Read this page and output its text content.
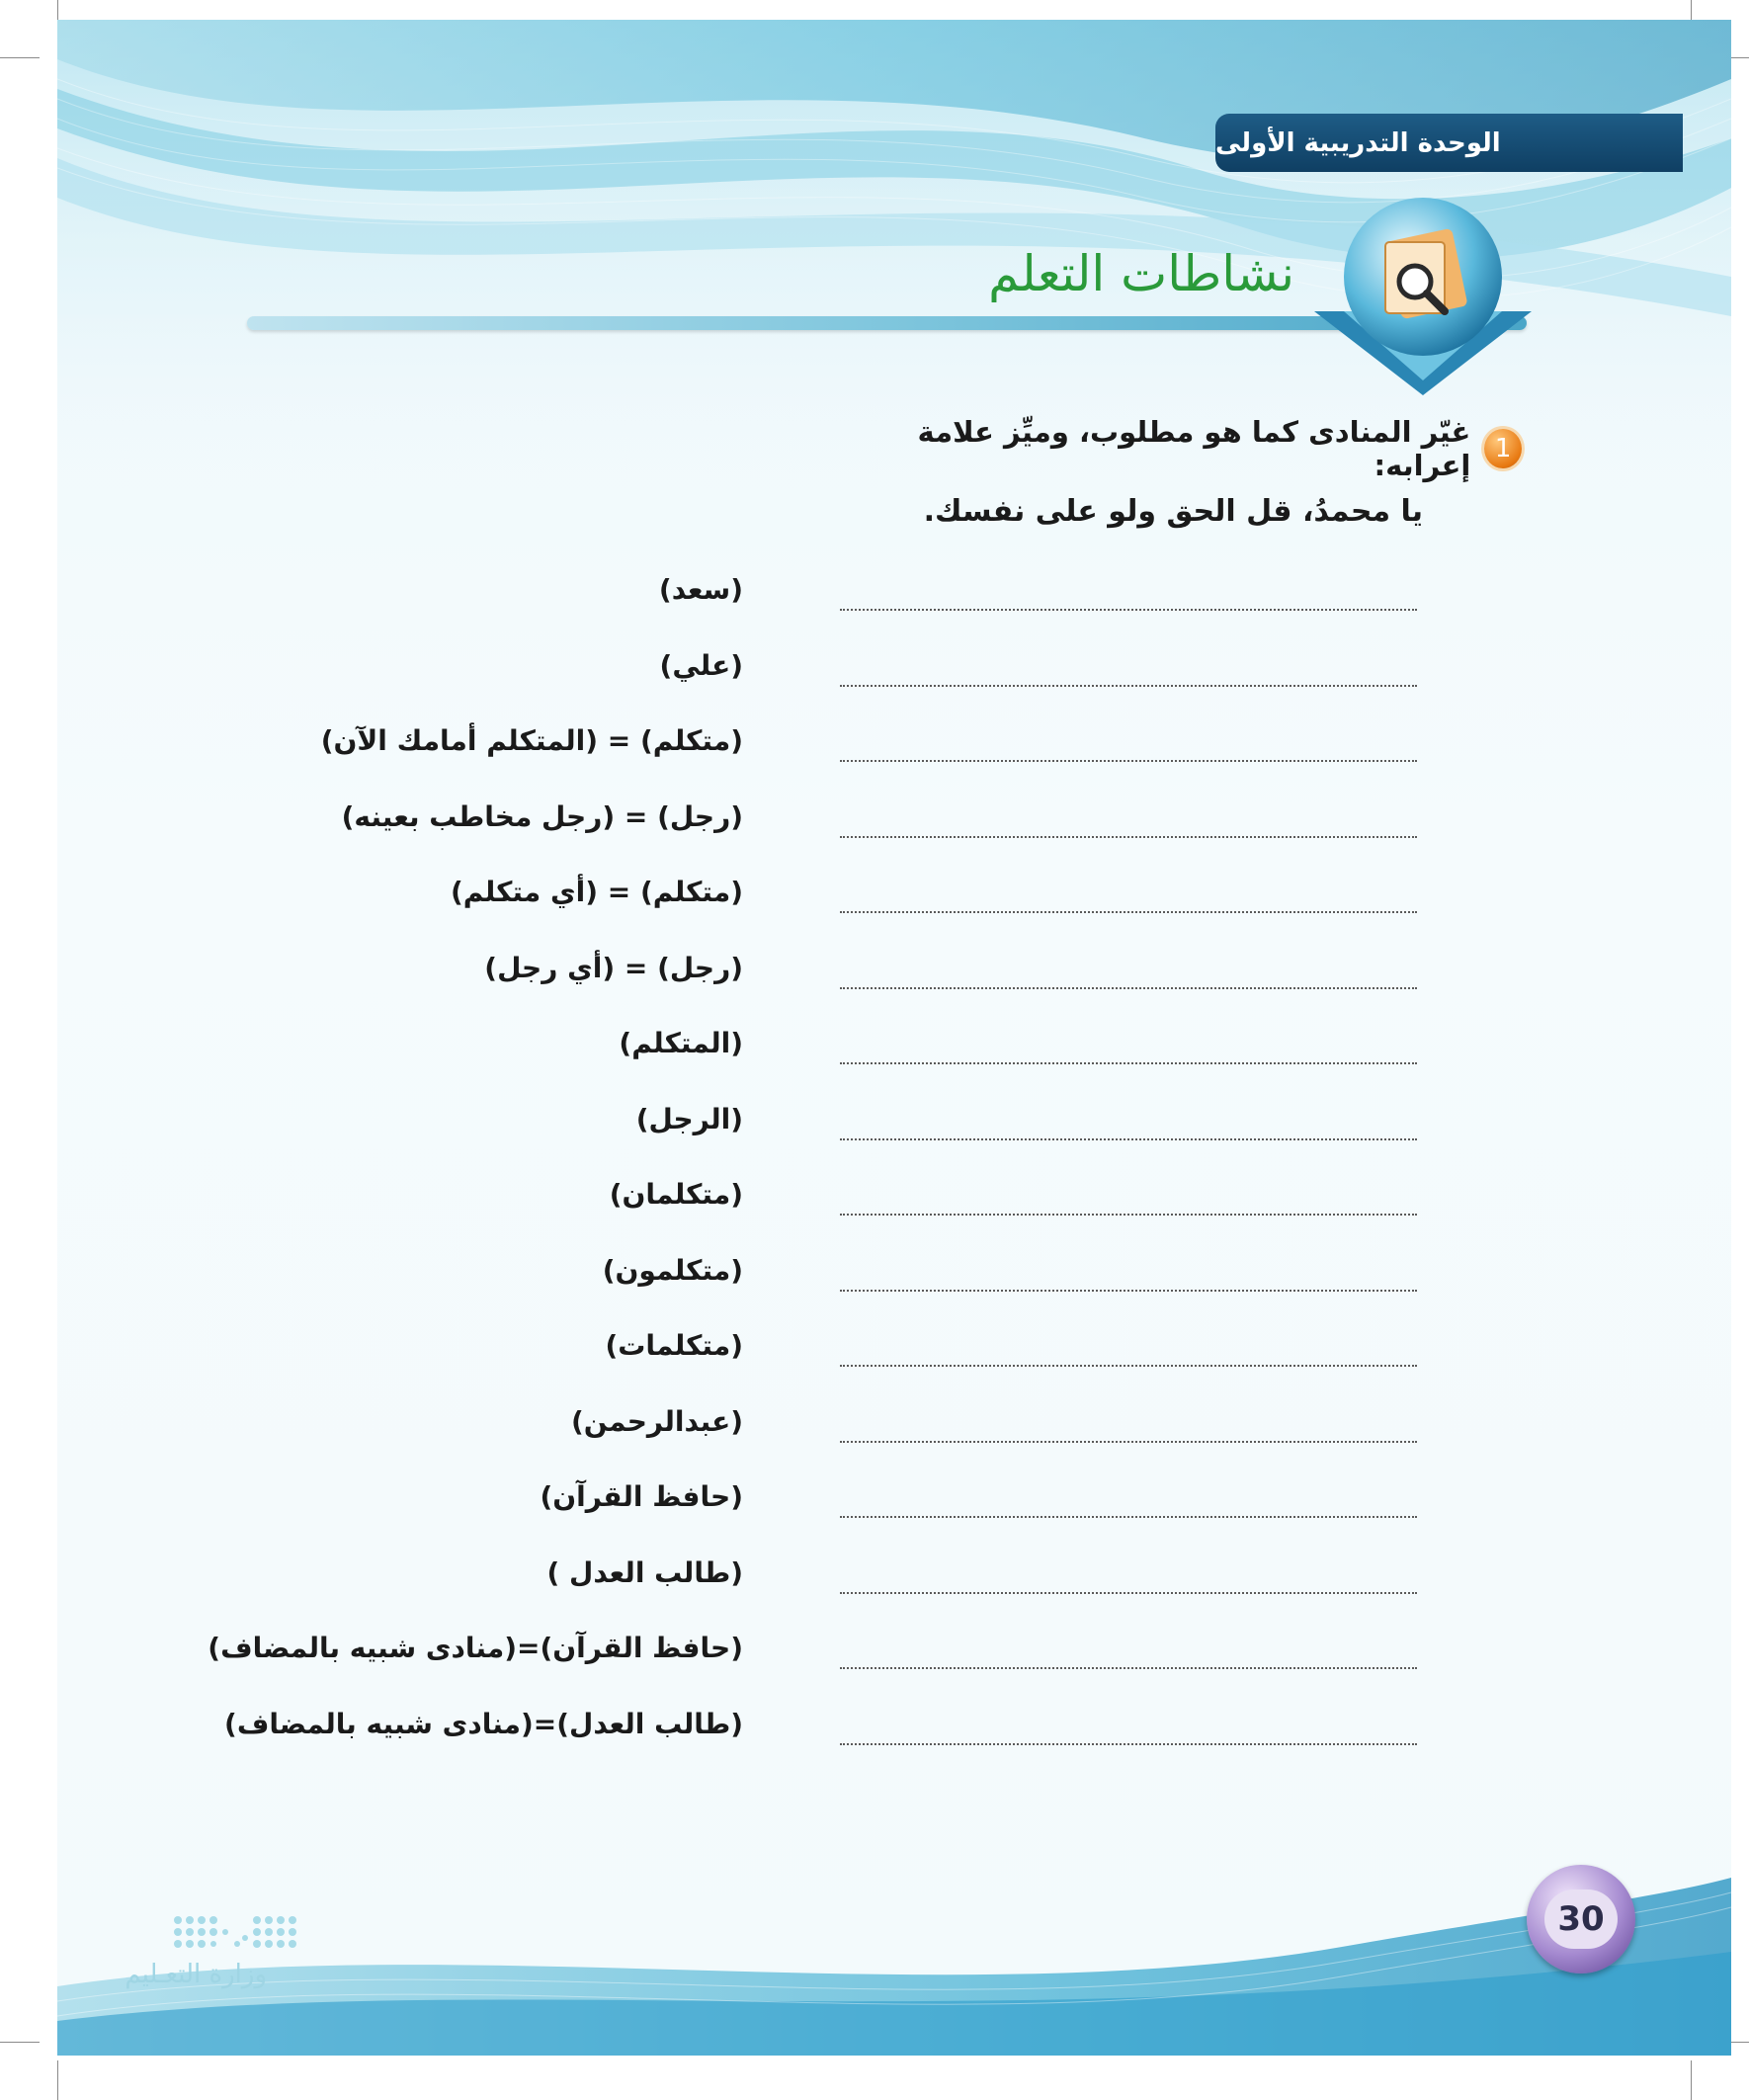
الوحدة التدريبية الأولى
نشاطات التعلم
1
غيّر المنادى كما هو مطلوب، وميِّز علامة إعرابه:
يا محمدُ، قل الحق ولو على نفسك.
(سعد)
(علي)
(متكلم) = (المتكلم أمامك الآن)
(رجل) = (رجل مخاطب بعينه)
(متكلم) = (أي متكلم)
(رجل) = (أي رجل)
(المتكلم)
(الرجل)
(متكلمان)
(متكلمون)
(متكلمات)
(عبدالرحمن)
(حافظ القرآن)
(طالب العدل )
(حافظ القرآن)=(منادى شبيه بالمضاف)
(طالب العدل)=(منادى شبيه بالمضاف)
30
وزارة التعـليم
